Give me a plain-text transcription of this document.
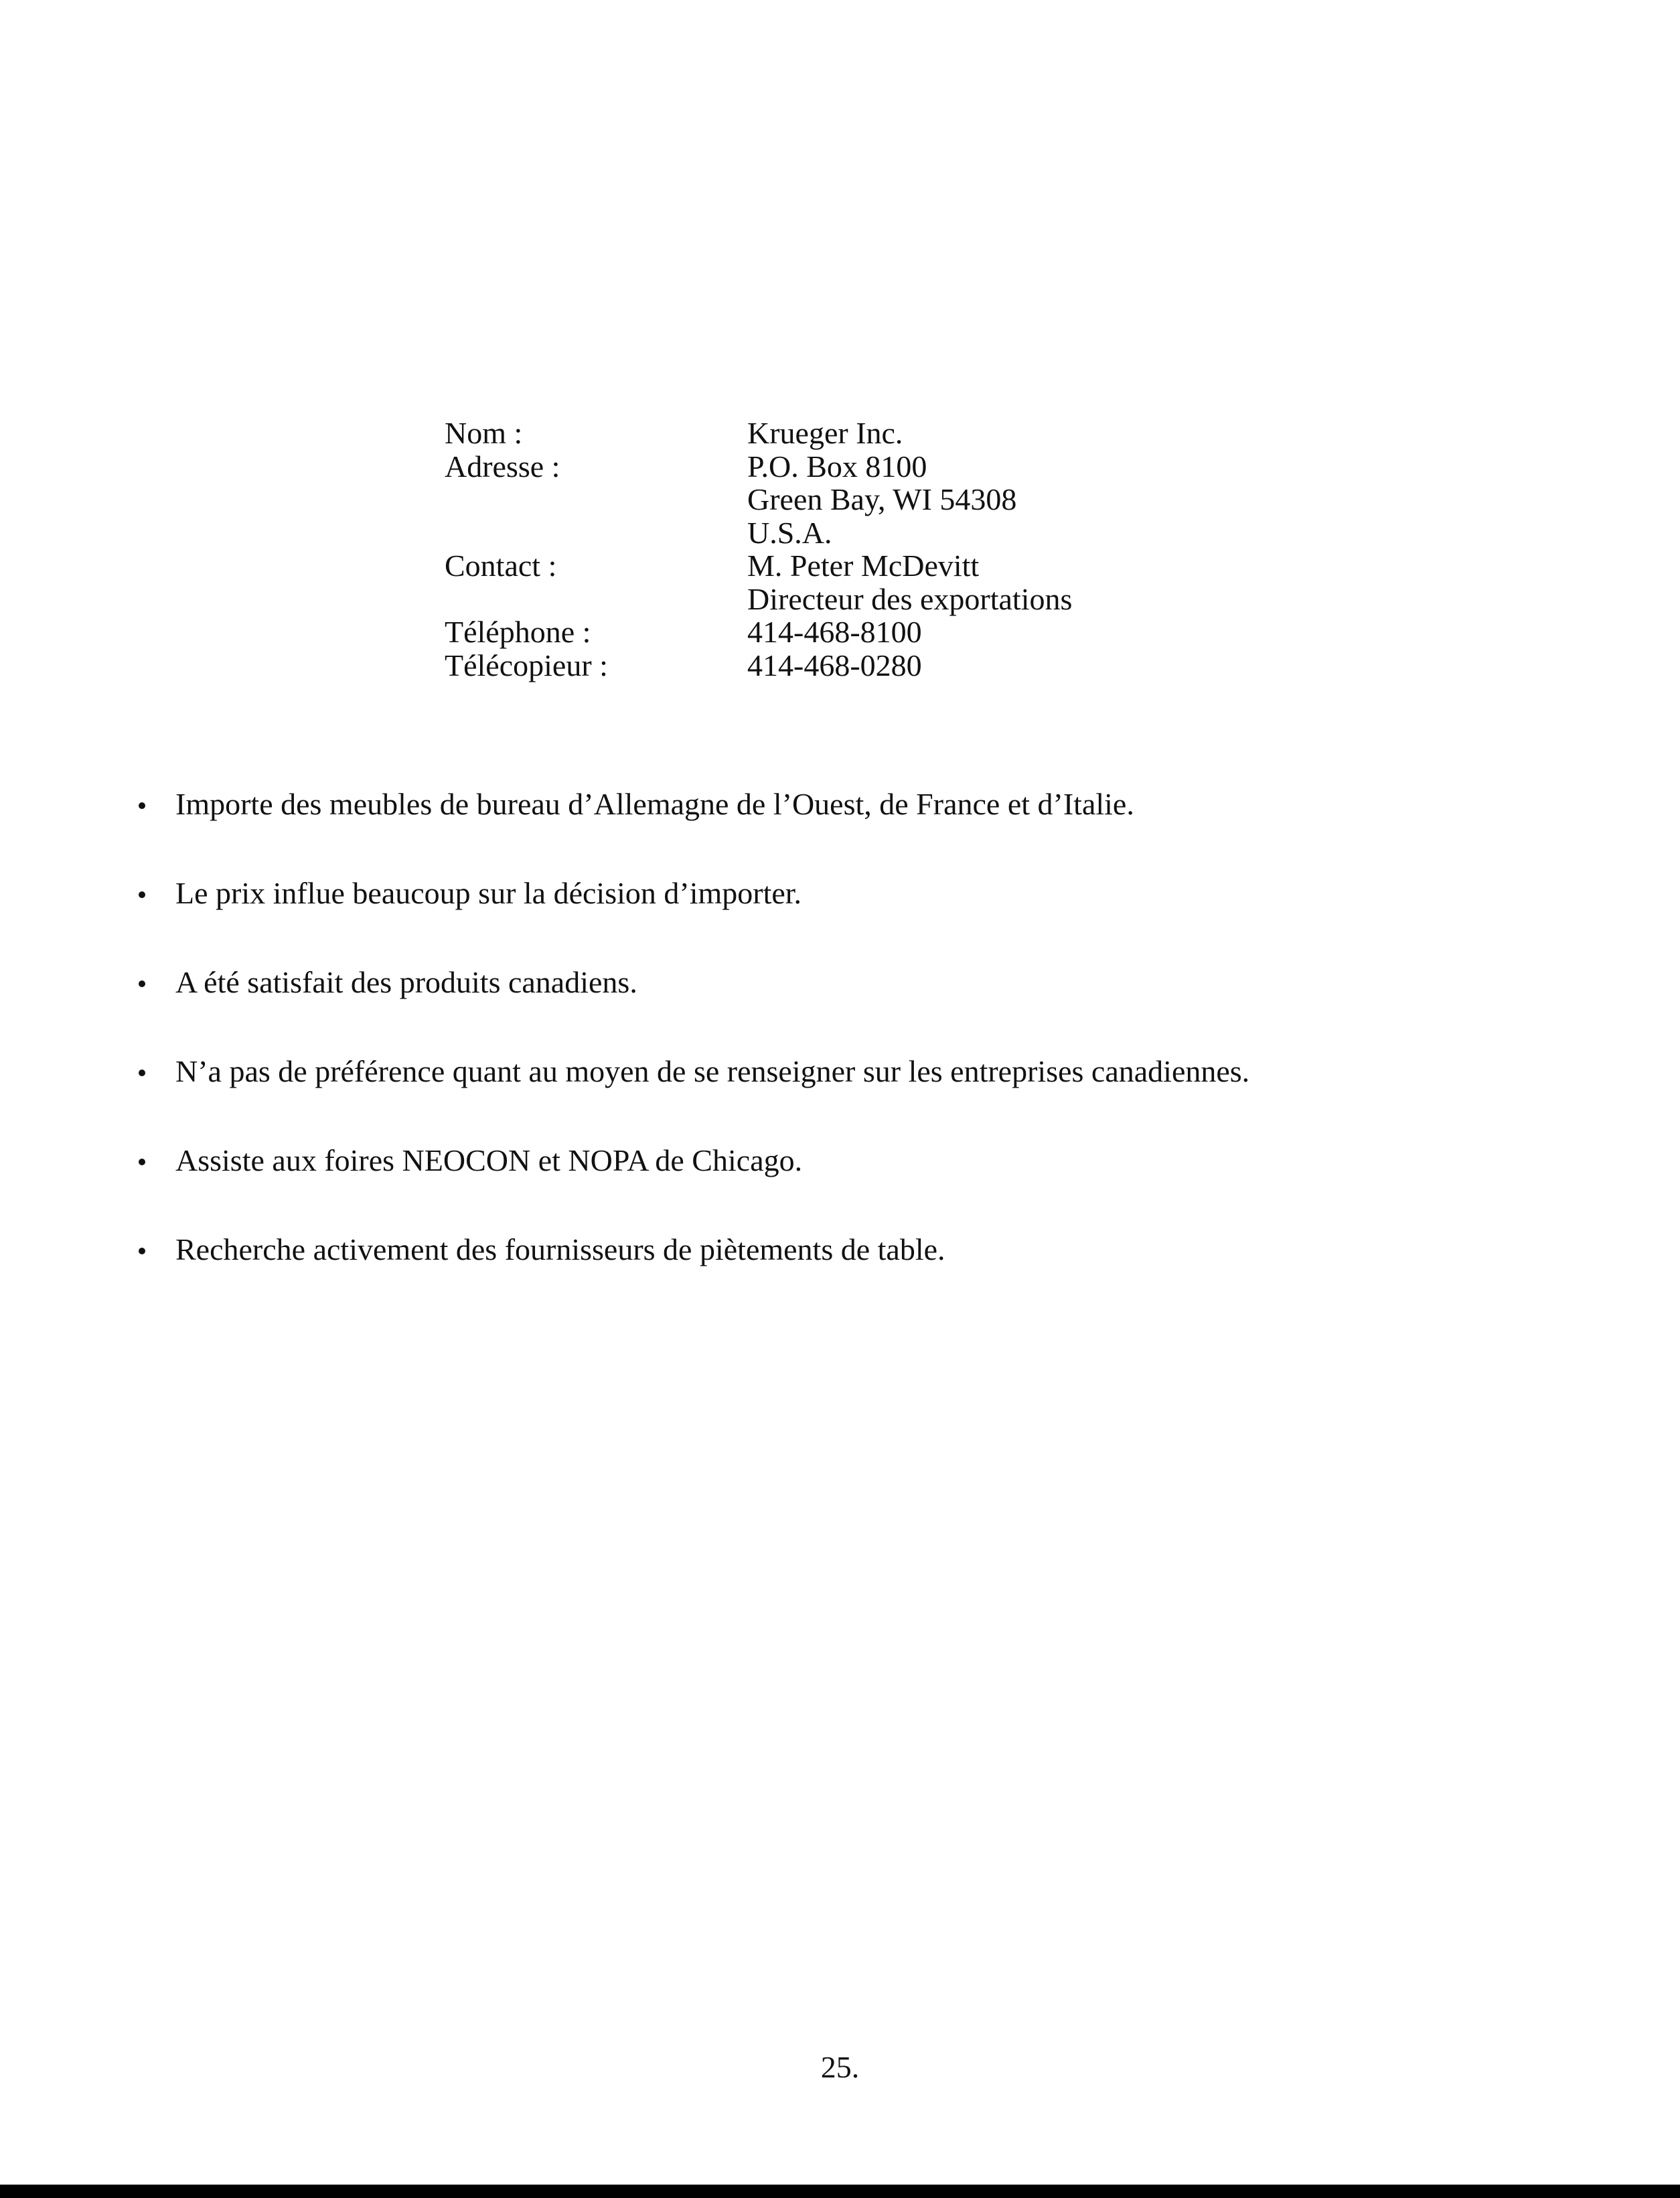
Nom :	Krueger Inc.
Adresse :	P.O. Box 8100
Green Bay, WI 54308
U.S.A.
Contact :	M. Peter McDevitt
Directeur des exportations
Téléphone :	414-468-8100
Télécopieur :	414-468-0280
Importe des meubles de bureau d’Allemagne de l’Ouest, de France et d’Italie.
Le prix influe beaucoup sur la décision d’importer.
A été satisfait des produits canadiens.
N’a pas de préférence quant au moyen de se renseigner sur les entreprises canadiennes.
Assiste aux foires NEOCON et NOPA de Chicago.
Recherche activement des fournisseurs de piètements de table.
25.
